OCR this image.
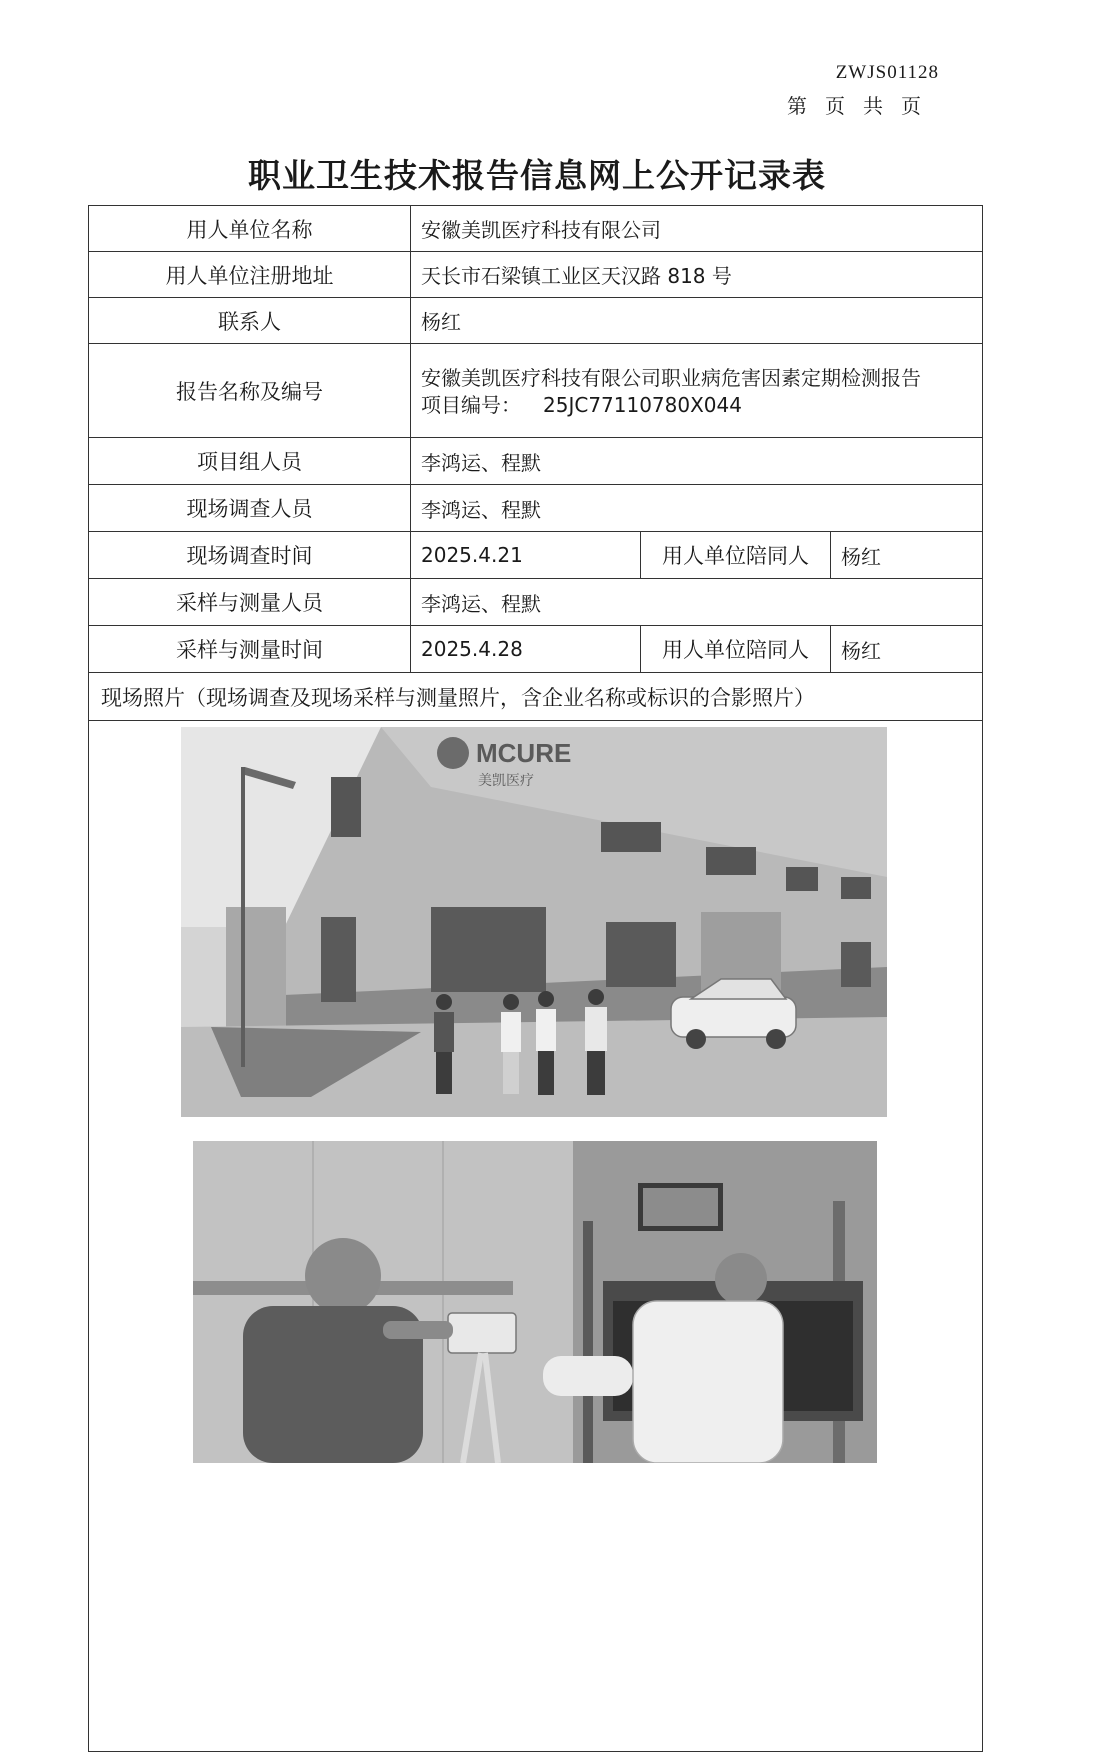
ZWJS01128
第页共页
职业卫生技术报告信息网上公开记录表
用人单位名称	安徽美凯医疗科技有限公司		
用人单位注册地址	天长市石梁镇工业区天汉路 818 号		
联系人	杨红		
报告名称及编号	安徽美凯医疗科技有限公司职业病危害因素定期检测报告
项目编号： 25JC77110780X044		

项目组人员	李鸿运、程默		
现场调查人员	李鸿运、程默		
现场调查时间	2025.4.21	用人单位陪同人	杨红
采样与测量人员	李鸿运、程默		
采样与测量时间	2025.4.28	用人单位陪同人	杨红
现场照片（现场调查及现场采样与测量照片，含企业名称或标识的合影照片）			

MCURE
美凯医疗			
